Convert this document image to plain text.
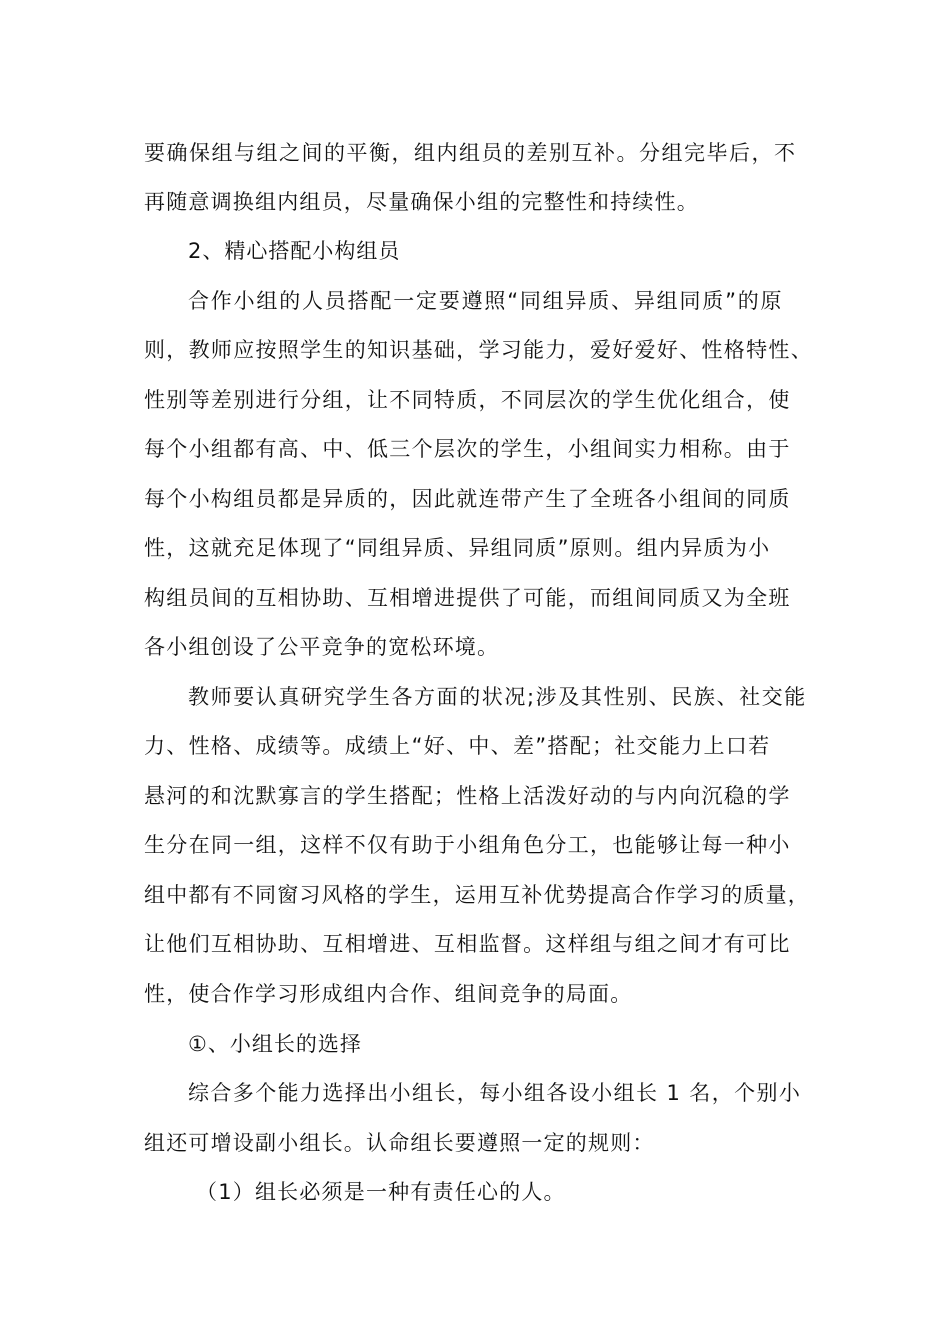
要确保组与组之间的平衡，组内组员的差别互补。分组完毕后，不
再随意调换组内组员，尽量确保小组的完整性和持续性。
2、精心搭配小构组员
合作小组的人员搭配一定要遵照“同组异质、异组同质”的原
则，教师应按照学生的知识基础，学习能力，爱好爱好、性格特性、
性别等差别进行分组，让不同特质，不同层次的学生优化组合，使
每个小组都有高、中、低三个层次的学生，小组间实力相称。由于
每个小构组员都是异质的，因此就连带产生了全班各小组间的同质
性，这就充足体现了“同组异质、异组同质”原则。组内异质为小
构组员间的互相协助、互相增进提供了可能，而组间同质又为全班
各小组创设了公平竞争的宽松环境。
教师要认真研究学生各方面的状况;涉及其性别、民族、社交能
力、性格、成绩等。成绩上“好、中、差”搭配；社交能力上口若
悬河的和沈默寡言的学生搭配；性格上活泼好动的与内向沉稳的学
生分在同一组，这样不仅有助于小组角色分工，也能够让每一种小
组中都有不同窗习风格的学生，运用互补优势提高合作学习的质量，
让他们互相协助、互相增进、互相监督。这样组与组之间才有可比
性，使合作学习形成组内合作、组间竞争的局面。
①、小组长的选择
综合多个能力选择出小组长，每小组各设小组长 1 名，个别小
组还可增设副小组长。认命组长要遵照一定的规则：
（1）组长必须是一种有责任心的人。
